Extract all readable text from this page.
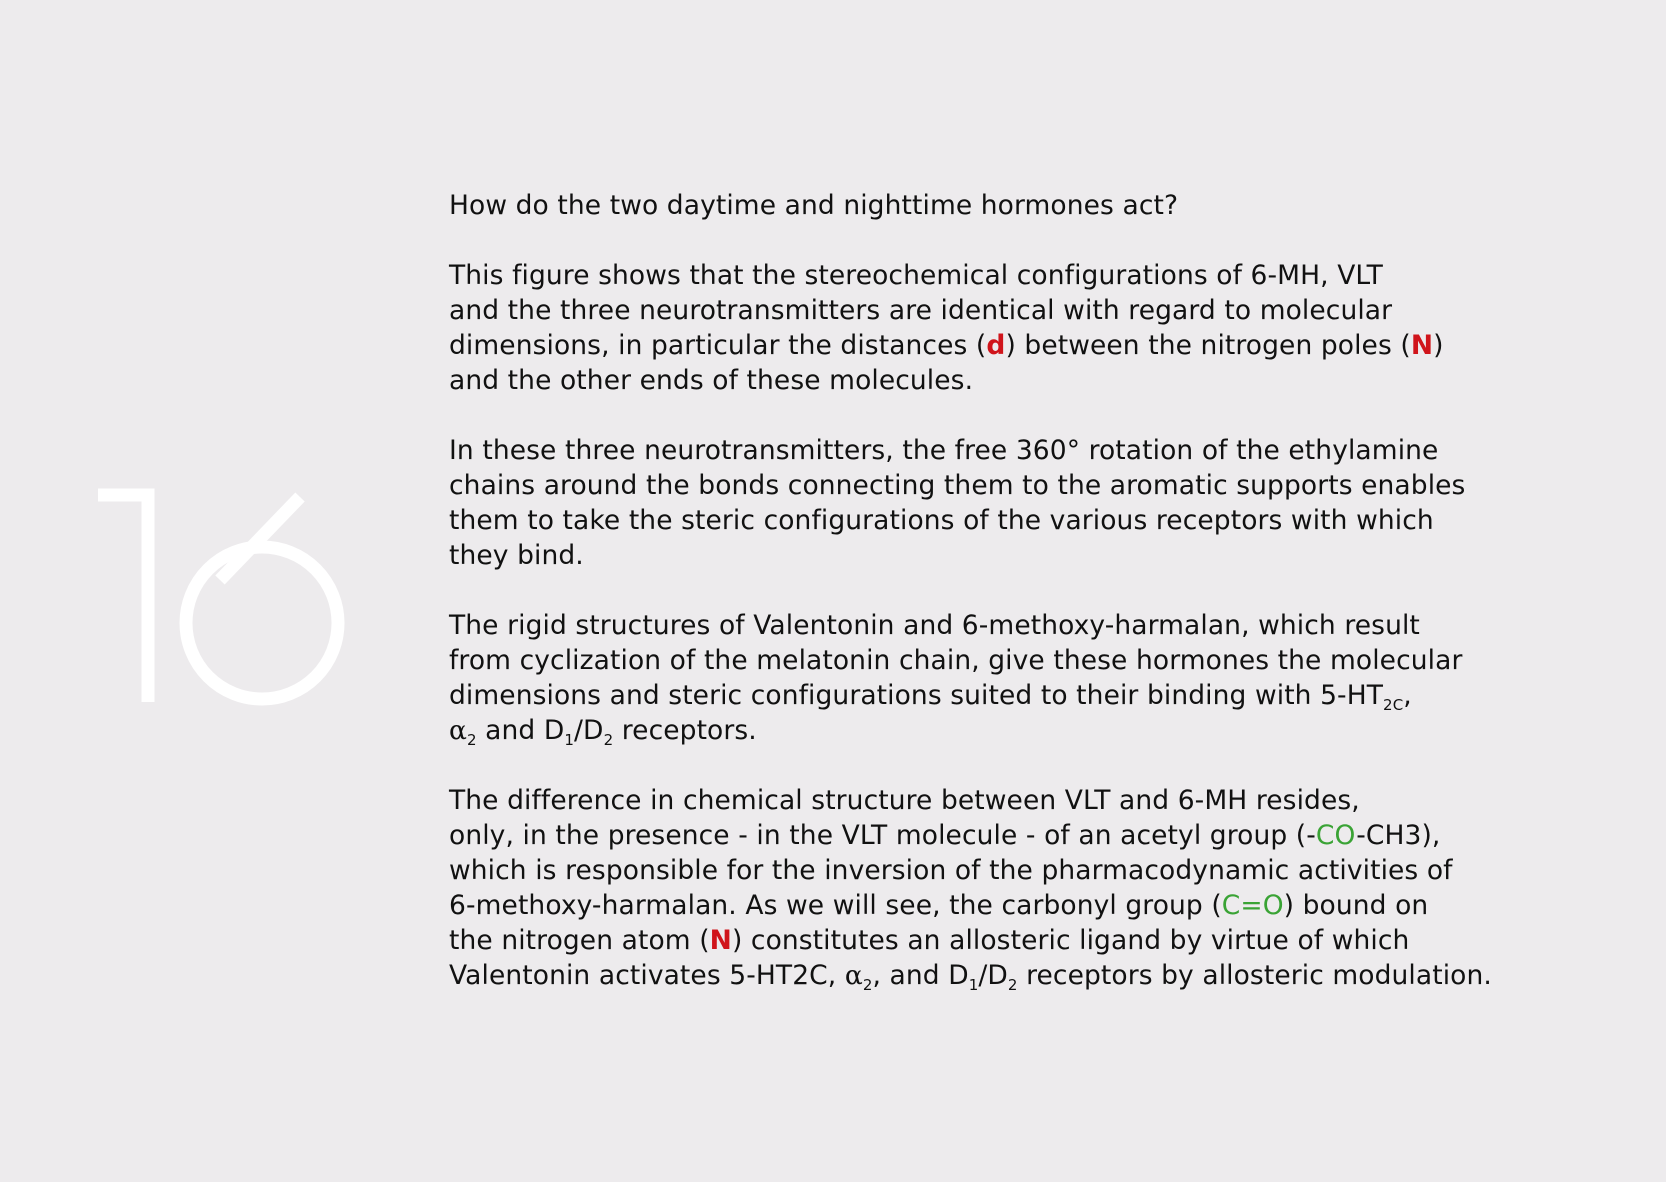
How do the two daytime and nighttime hormones act?

This figure shows that the stereochemical configurations of 6-MH, VLT
and the three neurotransmitters are identical with regard to molecular
dimensions, in particular the distances (d) between the nitrogen poles (N)
and the other ends of these molecules.

In these three neurotransmitters, the free 360° rotation of the ethylamine
chains around the bonds connecting them to the aromatic supports enables
them to take the steric configurations of the various receptors with which
they bind.

The rigid structures of Valentonin and 6-methoxy-harmalan, which result
from cyclization of the melatonin chain, give these hormones the molecular
dimensions and steric configurations suited to their binding with $5-HT_{2C}$,
$\alpha_2$ and $D_1/D_2$ receptors.

The difference in chemical structure between VLT and 6-MH resides,
only, in the presence - in the VLT molecule - of an acetyl group (-CO-CH3),
which is responsible for the inversion of the pharmacodynamic activities of
6-methoxy-harmalan. As we will see, the carbonyl group (C=O) bound on
the nitrogen atom (N) constitutes an allosteric ligand by virtue of which
Valentonin activates 5-HT2C, $\alpha_2$, and $D_1/D_2$ receptors by allosteric modulation.
